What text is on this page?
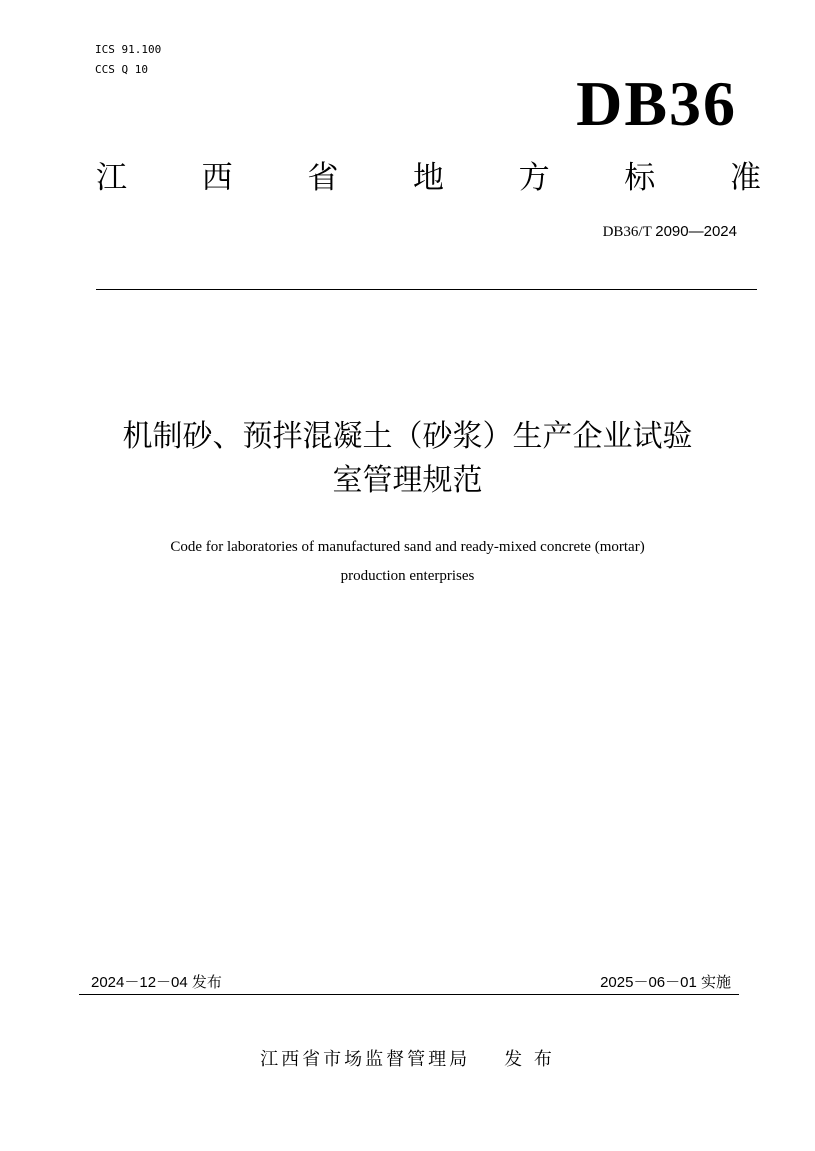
ICS 91.100
CCS Q 10	DB36
江 西 省 地 方 标 准
DB36/T 2090—2024
机制砂、预拌混凝土（砂浆）生产企业试验
室管理规范
Code for laboratories of manufactured sand and ready-mixed concrete (mortar)
production enterprises
2024－12－04 发布	2025－06－01 实施
江西省市场监督管理局 发 布
